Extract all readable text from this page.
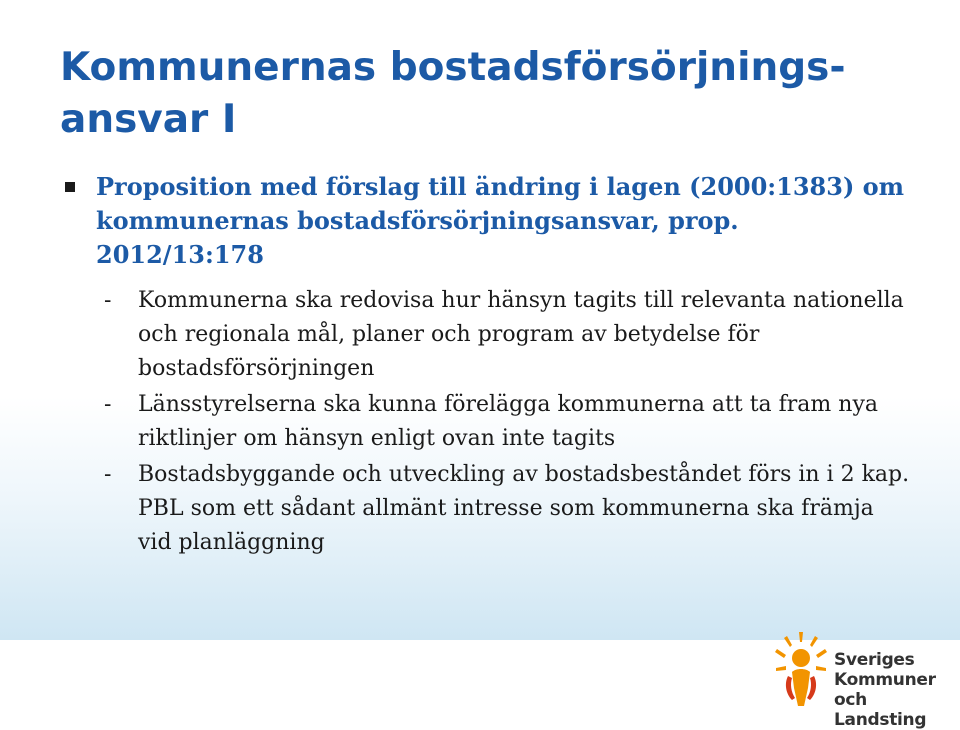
Kommunernas bostadsförsörjnings-ansvar I
Proposition med förslag till ändring i lagen (2000:1383) om kommunernas bostadsförsörjningsansvar, prop. 2012/13:178
- Kommunerna ska redovisa hur hänsyn tagits till relevanta nationella och regionala mål, planer och program av betydelse för bostadsförsörjningen
- Länsstyrelserna ska kunna förelägga kommunerna att ta fram nya riktlinjer om hänsyn enligt ovan inte tagits
- Bostadsbyggande och utveckling av bostadsbeståndet förs in i 2 kap. PBL som ett sådant allmänt intresse som kommunerna ska främja vid planläggning
Sveriges
Kommuner
och Landsting
